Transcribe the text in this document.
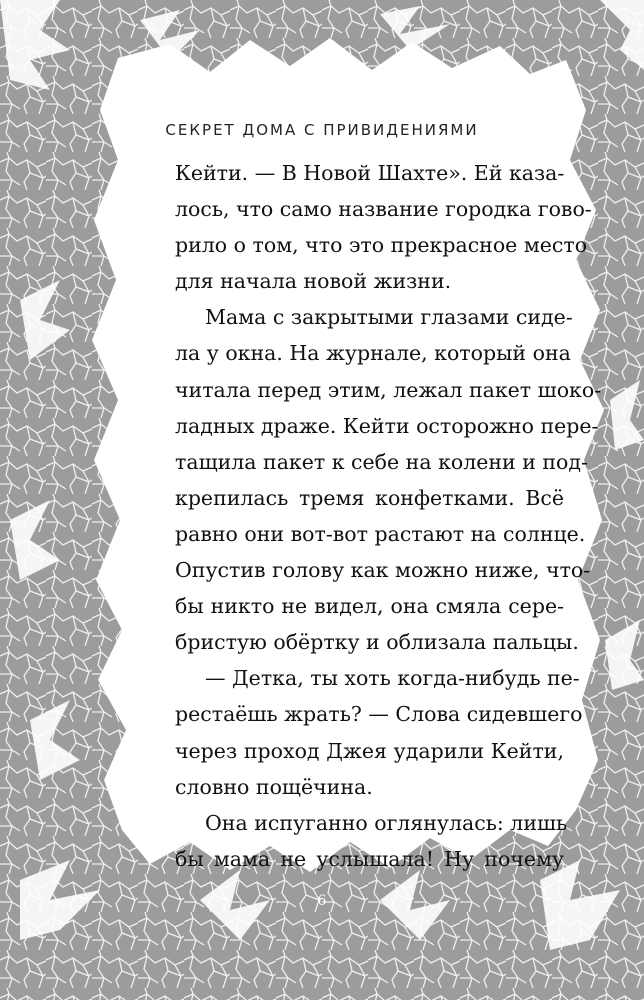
СЕКРЕТ ДОМА С ПРИВИДЕНИЯМИ
Кейти. — В Новой Шахте». Ей каза-
лось, что само название городка гово-
рило о том, что это прекрасное место
для начала новой жизни.
Мама с закрытыми глазами сиде-
ла у окна. На журнале, который она
читала перед этим, лежал пакет шоко-
ладных драже. Кейти осторожно пере-
тащила пакет к себе на колени и под-
крепилась тремя конфетками. Всё
равно они вот-вот растают на солнце.
Опустив голову как можно ниже, что-
бы никто не видел, она смяла сере-
бристую обёртку и облизала пальцы.
— Детка, ты хоть когда-нибудь пе-
рестаёшь жрать? — Слова сидевшего
через проход Джея ударили Кейти,
словно пощёчина.
Она испуганно оглянулась: лишь
бы мама не услышала! Ну почему
6
